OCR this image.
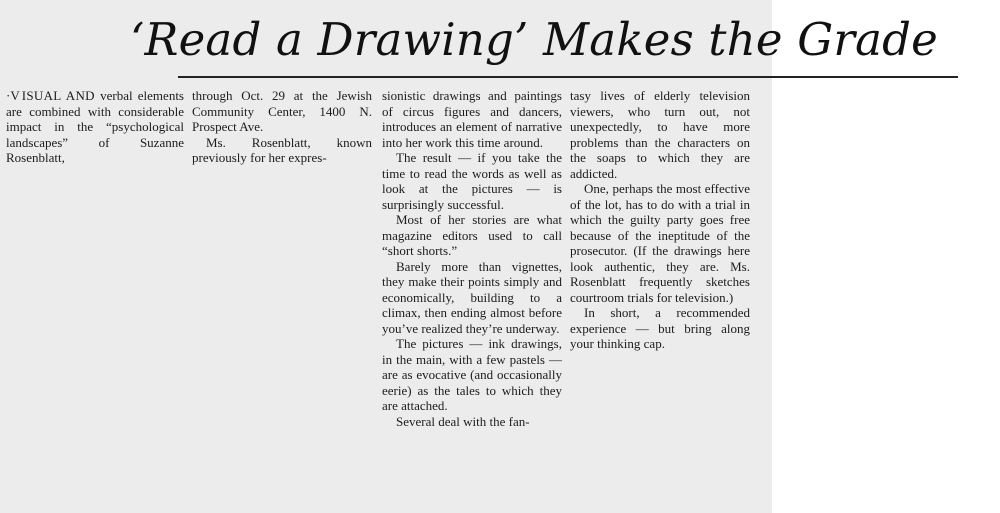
‘Read a Drawing’ Makes the Grade

·V ISUAL AND verbal elements are combined with considerable impact in the “psychological landscapes” of Suzanne Rosenblatt,

through Oct. 29 at the Jewish Community Center, 1400 N. Prospect Ave.

Ms. Rosenblatt, known previously for her expres-

sionistic drawings and paintings of circus figures and dancers, introduces an element of narrative into her work this time around.

The result — if you take the time to read the words as well as look at the pictures — is surprisingly successful.

Most of her stories are what magazine editors used to call “short shorts.”

Barely more than vignettes, they make their points simply and economically, building to a climax, then ending almost before you’ve realized they’re underway.

The pictures — ink drawings, in the main, with a few pastels — are as evocative (and occasionally eerie) as the tales to which they are attached.

Several deal with the fan-

tasy lives of elderly television viewers, who turn out, not unexpectedly, to have more problems than the characters on the soaps to which they are addicted.

One, perhaps the most effective of the lot, has to do with a trial in which the guilty party goes free because of the ineptitude of the prosecutor. (If the drawings here look authentic, they are. Ms. Rosenblatt frequently sketches courtroom trials for television.)

In short, a recommended experience — but bring along your thinking cap.
